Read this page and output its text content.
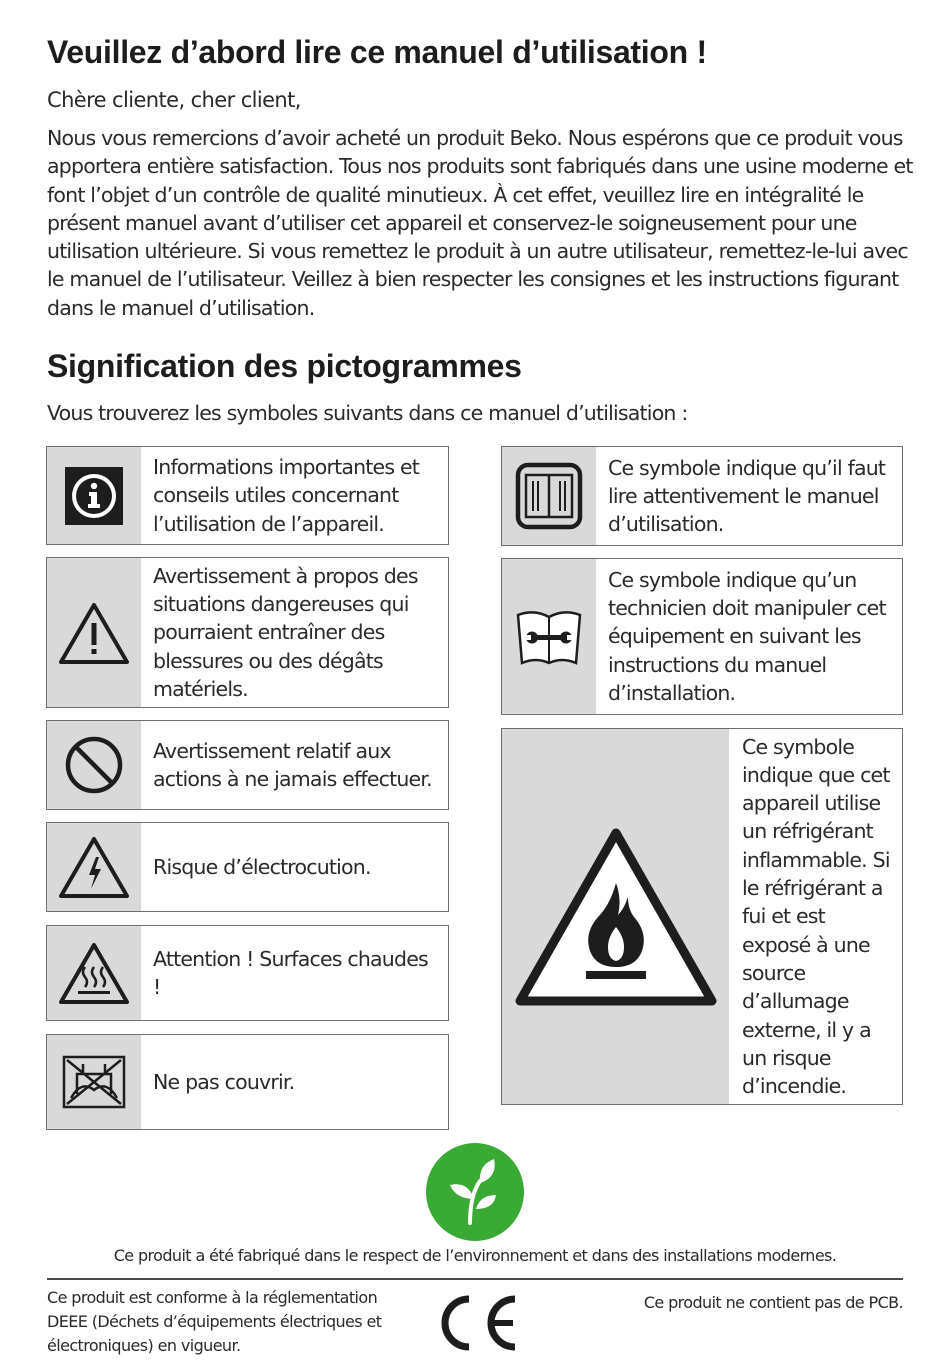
Veuillez d’abord lire ce manuel d’utilisation !

Chère cliente, cher client,

Nous vous remercions d’avoir acheté un produit Beko. Nous espérons que ce produit vous apportera entière satisfaction. Tous nos produits sont fabriqués dans une usine moderne et font l’objet d’un contrôle de qualité minutieux. À cet effet, veuillez lire en intégralité le présent manuel avant d’utiliser cet appareil et conservez-le soigneusement pour une utilisation ultérieure. Si vous remettez le produit à un autre utilisateur, remettez-le-lui avec le manuel de l’utilisateur. Veillez à bien respecter les consignes et les instructions figurant dans le manuel d’utilisation.

Signification des pictogrammes

Vous trouverez les symboles suivants dans ce manuel d’utilisation :

Informations importantes et conseils utiles concernant l’utilisation de l’appareil.
Avertissement à propos des situations dangereuses qui pourraient entraîner des blessures ou des dégâts matériels.
Avertissement relatif aux actions à ne jamais effectuer.
Risque d’électrocution.
Attention ! Surfaces chaudes !
Ne pas couvrir.
Ce symbole indique qu’il faut lire attentivement le manuel d’utilisation.
Ce symbole indique qu’un technicien doit manipuler cet équipement en suivant les instructions du manuel d’installation.
Ce symbole indique que cet appareil utilise un réfrigérant inflammable. Si le réfrigérant a fui et est exposé à une source d’allumage externe, il y a un risque d’incendie.

Ce produit a été fabriqué dans le respect de l’environnement et dans des installations modernes.

Ce produit est conforme à la réglementation DEEE (Déchets d’équipements électriques et électroniques) en vigueur.

Ce produit ne contient pas de PCB.
